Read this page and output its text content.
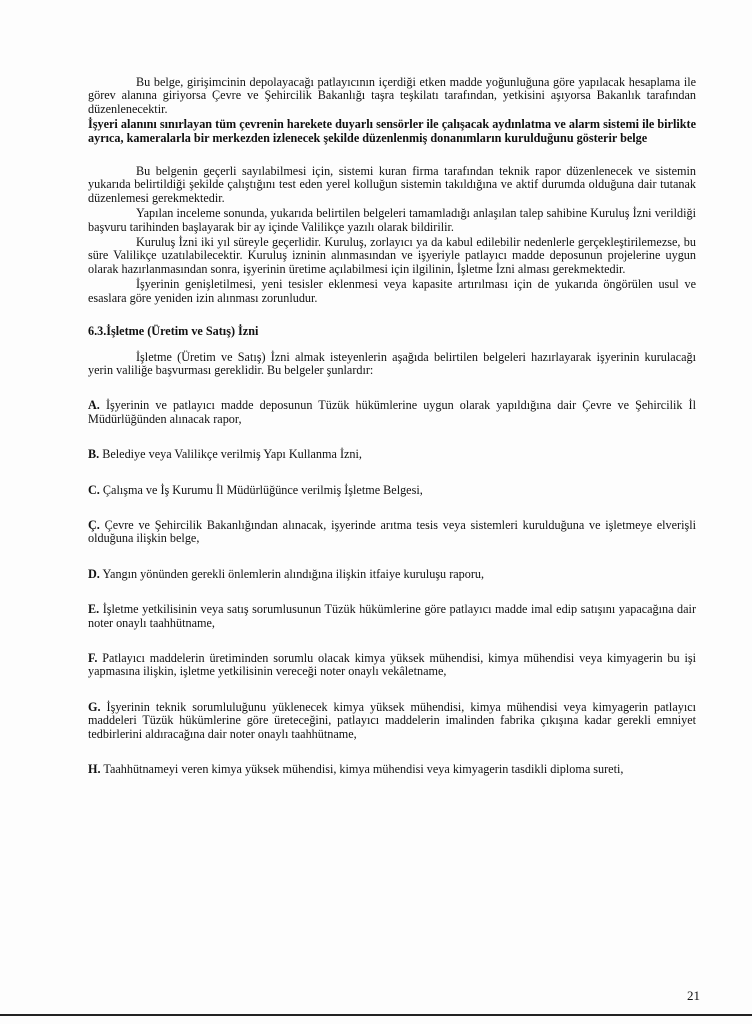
Bu belge, girişimcinin depolayacağı patlayıcının içerdiği etken madde yoğunluğuna göre yapılacak hesaplama ile görev alanına giriyorsa Çevre ve Şehircilik Bakanlığı taşra teşkilatı tarafından, yetkisini aşıyorsa Bakanlık tarafından düzenlenecektir.

İşyeri alanını sınırlayan tüm çevrenin harekete duyarlı sensörler ile çalışacak aydınlatma ve alarm sistemi ile birlikte ayrıca, kameralarla bir merkezden izlenecek şekilde düzenlenmiş donanımların kurulduğunu gösterir belge

Bu belgenin geçerli sayılabilmesi için, sistemi kuran firma tarafından teknik rapor düzenlenecek ve sistemin yukarıda belirtildiği şekilde çalıştığını test eden yerel kolluğun sistemin takıldığına ve aktif durumda olduğuna dair tutanak düzenlemesi gerekmektedir.

Yapılan inceleme sonunda, yukarıda belirtilen belgeleri tamamladığı anlaşılan talep sahibine Kuruluş İzni verildiği başvuru tarihinden başlayarak bir ay içinde Valilikçe yazılı olarak bildirilir.

Kuruluş İzni iki yıl süreyle geçerlidir. Kuruluş, zorlayıcı ya da kabul edilebilir nedenlerle gerçekleştirilemezse, bu süre Valilikçe uzatılabilecektir. Kuruluş izninin alınmasından ve işyeriyle patlayıcı madde deposunun projelerine uygun olarak hazırlanmasından sonra, işyerinin üretime açılabilmesi için ilgilinin, İşletme İzni alması gerekmektedir.

İşyerinin genişletilmesi, yeni tesisler eklenmesi veya kapasite artırılması için de yukarıda öngörülen usul ve esaslara göre yeniden izin alınması zorunludur.

6.3.İşletme (Üretim ve Satış) İzni

İşletme (Üretim ve Satış) İzni almak isteyenlerin aşağıda belirtilen belgeleri hazırlayarak işyerinin kurulacağı yerin valiliğe başvurması gereklidir. Bu belgeler şunlardır:

A. İşyerinin ve patlayıcı madde deposunun Tüzük hükümlerine uygun olarak yapıldığına dair Çevre ve Şehircilik İl Müdürlüğünden alınacak rapor,

B. Belediye veya Valilikçe verilmiş Yapı Kullanma İzni,

C. Çalışma ve İş Kurumu İl Müdürlüğünce verilmiş İşletme Belgesi,

Ç. Çevre ve Şehircilik Bakanlığından alınacak, işyerinde arıtma tesis veya sistemleri kurulduğuna ve işletmeye elverişli olduğuna ilişkin belge,

D. Yangın yönünden gerekli önlemlerin alındığına ilişkin itfaiye kuruluşu raporu,

E. İşletme yetkilisinin veya satış sorumlusunun Tüzük hükümlerine göre patlayıcı madde imal edip satışını yapacağına dair noter onaylı taahhütname,

F. Patlayıcı maddelerin üretiminden sorumlu olacak kimya yüksek mühendisi, kimya mühendisi veya kimyagerin bu işi yapmasına ilişkin, işletme yetkilisinin vereceği noter onaylı vekâletname,

G. İşyerinin teknik sorumluluğunu yüklenecek kimya yüksek mühendisi, kimya mühendisi veya kimyagerin patlayıcı maddeleri Tüzük hükümlerine göre üreteceğini, patlayıcı maddelerin imalinden fabrika çıkışına kadar gerekli emniyet tedbirlerini aldıracağına dair noter onaylı taahhütname,

H. Taahhütnameyi veren kimya yüksek mühendisi, kimya mühendisi veya kimyagerin tasdikli diploma sureti,

21
